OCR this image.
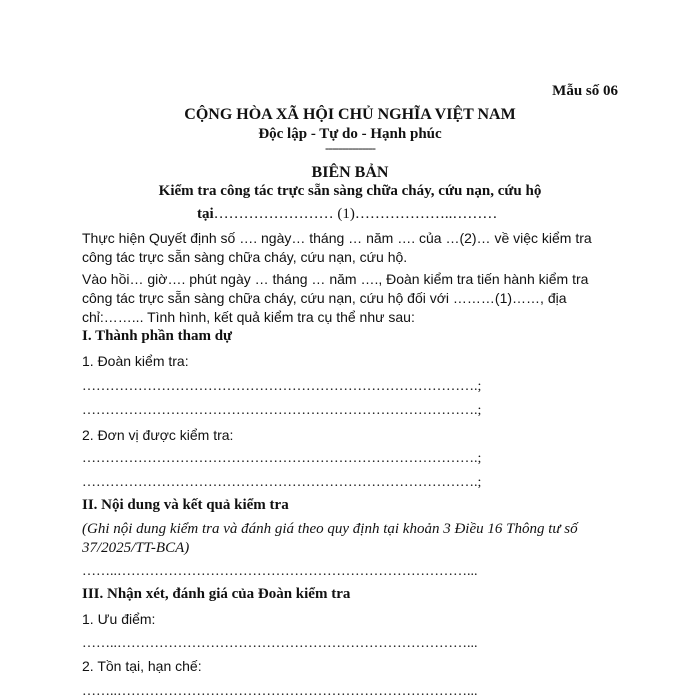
Mẫu số 06
CỘNG HÒA XÃ HỘI CHỦ NGHĨA VIỆT NAM
Độc lập - Tự do - Hạnh phúc
---------------
BIÊN BẢN
Kiểm tra công tác trực sẵn sàng chữa cháy, cứu nạn, cứu hộ
tại…………………… (1)………………..………
Thực hiện Quyết định số …. ngày… tháng … năm …. của …(2)… về việc kiểm tra công tác trực sẵn sàng chữa cháy, cứu nạn, cứu hộ.
Vào hồi… giờ…. phút ngày … tháng … năm …., Đoàn kiểm tra tiến hành kiểm tra công tác trực sẵn sàng chữa cháy, cứu nạn, cứu hộ đối với ………(1)……, địa chỉ:……... Tình hình, kết quả kiểm tra cụ thể như sau:
I. Thành phần tham dự
1. Đoàn kiểm tra:
………………………………………………………………………….;
………………………………………………………………………….;
2. Đơn vị được kiểm tra:
………………………………………………………………………….;
………………………………………………………………………….;
II. Nội dung và kết quả kiểm tra
(Ghi nội dung kiểm tra và đánh giá theo quy định tại khoản 3 Điều 16 Thông tư số 37/2025/TT-BCA)
……..…………………………………………………………………...
III. Nhận xét, đánh giá của Đoàn kiểm tra
1. Ưu điểm:
……..…………………………………………………………………...
2. Tồn tại, hạn chế:
……..…………………………………………………………………...
